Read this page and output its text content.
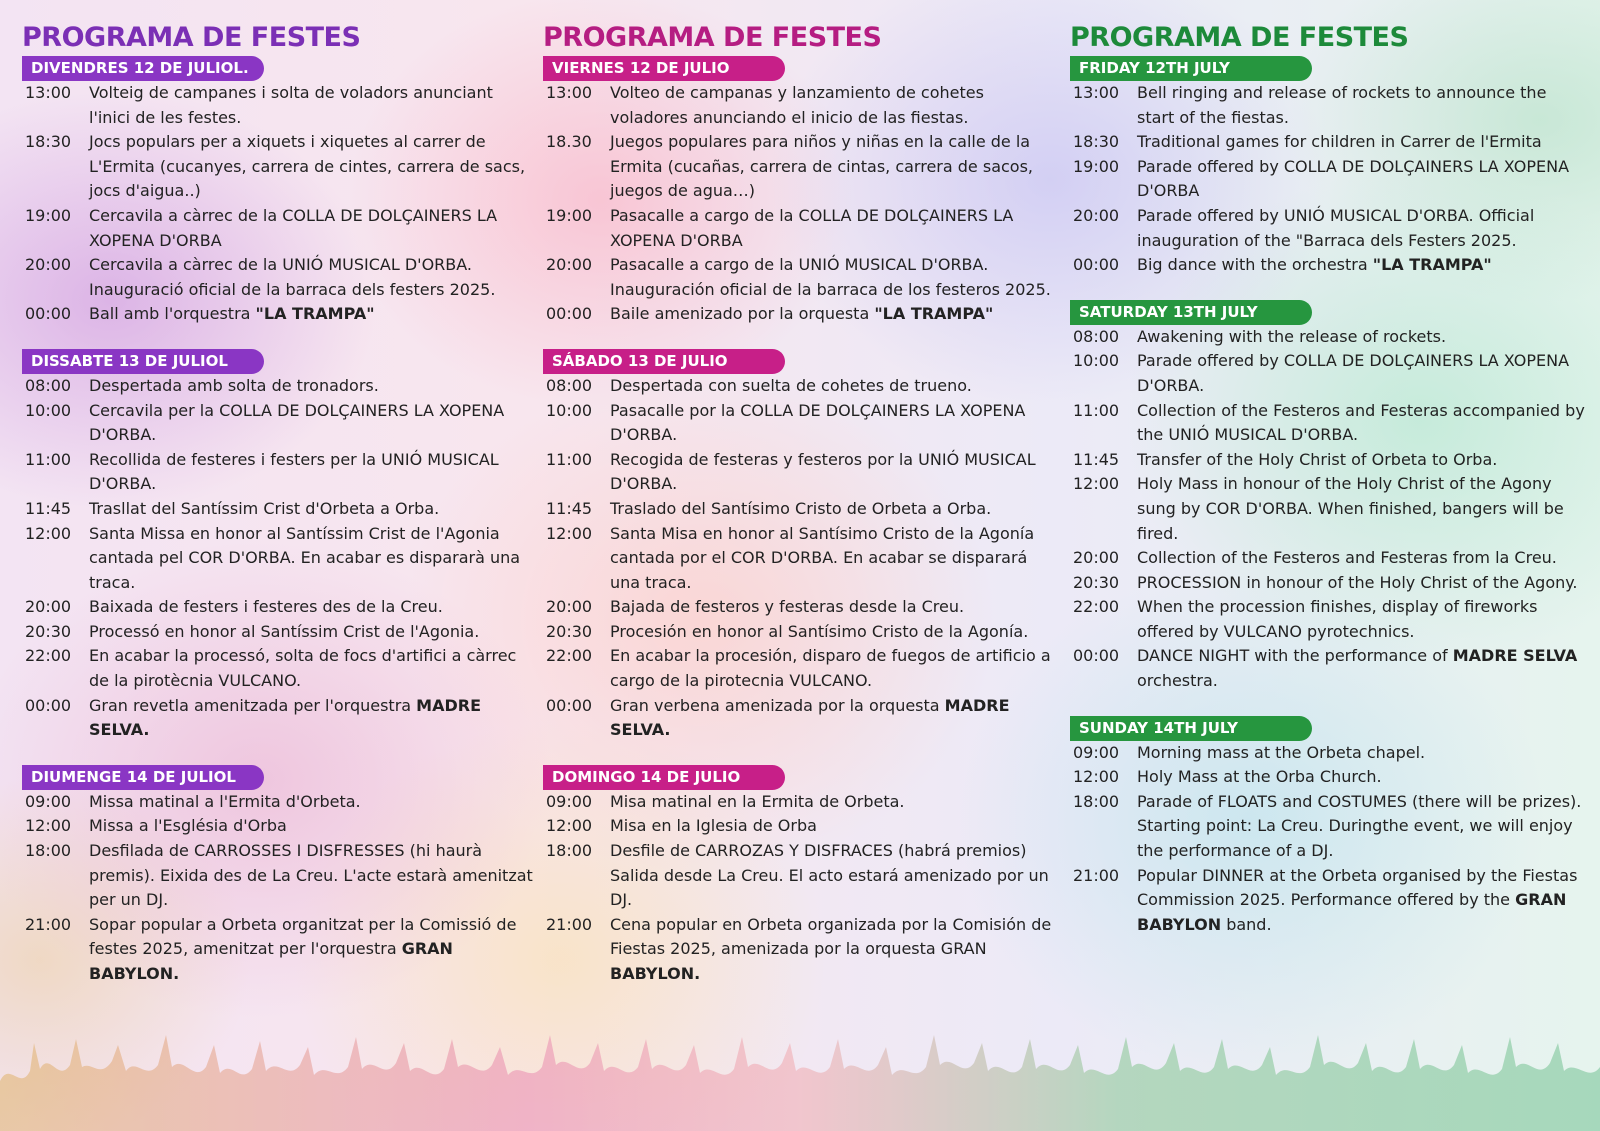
PROGRAMA DE FESTES
DIVENDRES 12 DE JULIOL.
13:00	Volteig de campanes i solta de voladors anunciant l'inici de les festes.
18:30	Jocs populars per a xiquets i xiquetes al carrer de L'Ermita (cucanyes, carrera de cintes, carrera de sacs, jocs d'aigua..)
19:00	Cercavila a càrrec de la COLLA DE DOLÇAINERS LA XOPENA D'ORBA
20:00	Cercavila a càrrec de la UNIÓ MUSICAL D'ORBA. Inauguració oficial de la barraca dels festers 2025.
00:00	Ball amb l'orquestra "LA TRAMPA"
DISSABTE 13 DE JULIOL
08:00	Despertada amb solta de tronadors.
10:00	Cercavila per la COLLA DE DOLÇAINERS LA XOPENA D'ORBA.
11:00	Recollida de festeres i festers per la UNIÓ MUSICAL D'ORBA.
11:45	Trasllat del Santíssim Crist d'Orbeta a Orba.
12:00	Santa Missa en honor al Santíssim Crist de l'Agonia cantada pel COR D'ORBA. En acabar es dispararà una traca.
20:00	Baixada de festers i festeres des de la Creu.
20:30	Processó en honor al Santíssim Crist de l'Agonia.
22:00	En acabar la processó, solta de focs d'artifici a càrrec de la pirotècnia VULCANO.
00:00	Gran revetla amenitzada per l'orquestra MADRE SELVA.
DIUMENGE 14 DE JULIOL
09:00	Missa matinal a l'Ermita d'Orbeta.
12:00	Missa a l'Església d'Orba
18:00	Desfilada de CARROSSES I DISFRESSES (hi haurà premis). Eixida des de La Creu. L'acte estarà amenitzat per un DJ.
21:00	Sopar popular a Orbeta organitzat per la Comissió de festes 2025, amenitzat per l'orquestra GRAN BABYLON.
PROGRAMA DE FESTES
VIERNES 12 DE JULIO
13:00	Volteo de campanas y lanzamiento de cohetes voladores anunciando el inicio de las fiestas.
18.30	Juegos populares para niños y niñas en la calle de la Ermita (cucañas, carrera de cintas, carrera de sacos, juegos de agua…)
19:00	Pasacalle a cargo de la COLLA DE DOLÇAINERS LA XOPENA D'ORBA
20:00	Pasacalle a cargo de la UNIÓ MUSICAL D'ORBA. Inauguración oficial de la barraca de los festeros 2025.
00:00	Baile amenizado por la orquesta "LA TRAMPA"
SÁBADO 13 DE JULIO
08:00	Despertada con suelta de cohetes de trueno.
10:00	Pasacalle por la COLLA DE DOLÇAINERS LA XOPENA D'ORBA.
11:00	Recogida de festeras y festeros por la UNIÓ MUSICAL D'ORBA.
11:45	Traslado del Santísimo Cristo de Orbeta a Orba.
12:00	Santa Misa en honor al Santísimo Cristo de la Agonía cantada por el COR D'ORBA. En acabar se disparará una traca.
20:00	Bajada de festeros y festeras desde la Creu.
20:30	Procesión en honor al Santísimo Cristo de la Agonía.
22:00	En acabar la procesión, disparo de fuegos de artificio a cargo de la pirotecnia VULCANO.
00:00	Gran verbena amenizada por la orquesta MADRE SELVA.
DOMINGO 14 DE JULIO
09:00	Misa matinal en la Ermita de Orbeta.
12:00	Misa en la Iglesia de Orba
18:00	Desfile de CARROZAS Y DISFRACES (habrá premios) Salida desde La Creu. El acto estará amenizado por un DJ.
21:00	Cena popular en Orbeta organizada por la Comisión de Fiestas 2025, amenizada por la orquesta GRAN BABYLON.
PROGRAMA DE FESTES
FRIDAY 12TH JULY
13:00	Bell ringing and release of rockets to announce the start of the fiestas.
18:30	Traditional games for children in Carrer de l'Ermita
19:00	Parade offered by COLLA DE DOLÇAINERS LA XOPENA D'ORBA
20:00	Parade offered by UNIÓ MUSICAL D'ORBA. Official inauguration of the "Barraca dels Festers 2025.
00:00	Big dance with the orchestra "LA TRAMPA"
SATURDAY 13TH JULY
08:00	Awakening with the release of rockets.
10:00	Parade offered by COLLA DE DOLÇAINERS LA XOPENA D'ORBA.
11:00	Collection of the Festeros and Festeras accompanied by the UNIÓ MUSICAL D'ORBA.
11:45	Transfer of the Holy Christ of Orbeta to Orba.
12:00	Holy Mass in honour of the Holy Christ of the Agony sung by COR D'ORBA. When finished, bangers will be fired.
20:00	Collection of the Festeros and Festeras from la Creu.
20:30	PROCESSION in honour of the Holy Christ of the Agony.
22:00	When the procession finishes, display of fireworks offered by VULCANO pyrotechnics.
00:00	DANCE NIGHT with the performance of MADRE SELVA orchestra.
SUNDAY 14TH JULY
09:00	Morning mass at the Orbeta chapel.
12:00	Holy Mass at the Orba Church.
18:00	Parade of FLOATS and COSTUMES (there will be prizes). Starting point: La Creu. Duringthe event, we will enjoy the performance of a DJ.
21:00	Popular DINNER at the Orbeta organised by the Fiestas Commission 2025. Performance offered by the GRAN BABYLON band.
